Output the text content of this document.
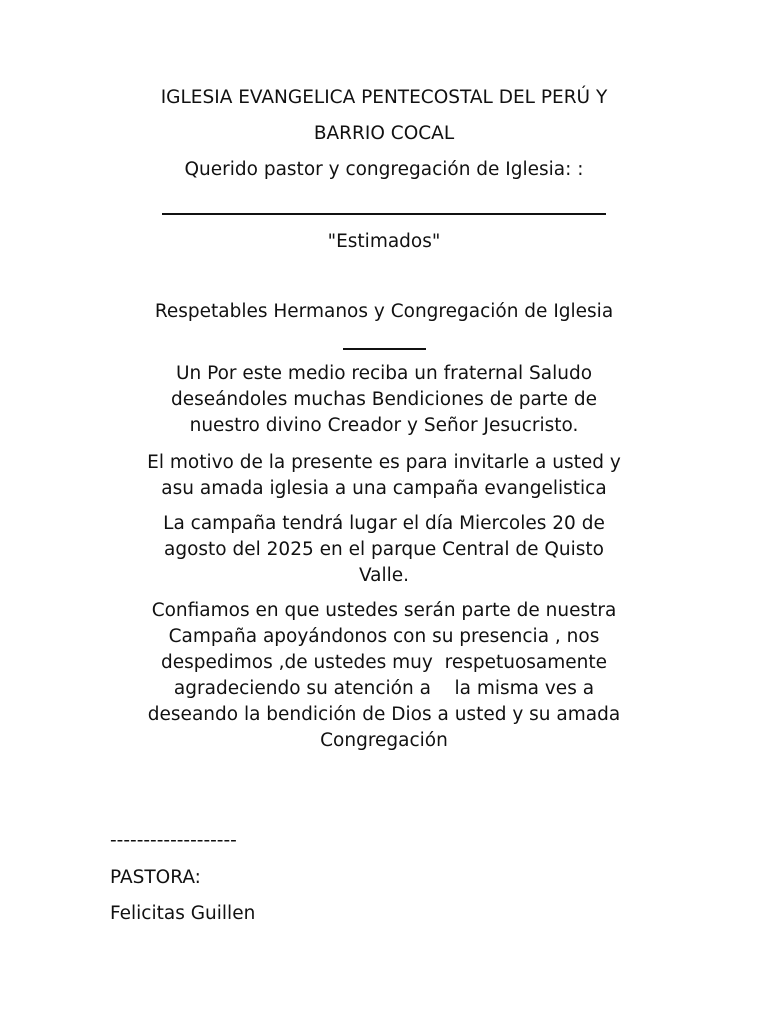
IGLESIA EVANGELICA PENTECOSTAL DEL PERÚ Y

BARRIO COCAL

Querido pastor y congregación de Iglesia: :

"Estimados"

Respetables Hermanos y Congregación de Iglesia

Un Por este medio reciba un fraternal Saludo
deseándoles muchas Bendiciones de parte de
nuestro divino Creador y Señor Jesucristo.
El motivo de la presente es para invitarle a usted y
asu amada iglesia a una campaña evangelistica
La campaña tendrá lugar el día Miercoles 20 de
agosto del 2025 en el parque Central de Quisto
Valle.
Confiamos en que ustedes serán parte de nuestra
Campaña apoyándonos con su presencia , nos
despedimos ,de ustedes muy  respetuosamente
agradeciendo su atención a    la misma ves a
deseando la bendición de Dios a usted y su amada
Congregación

-------------------

PASTORA:

Felicitas Guillen
